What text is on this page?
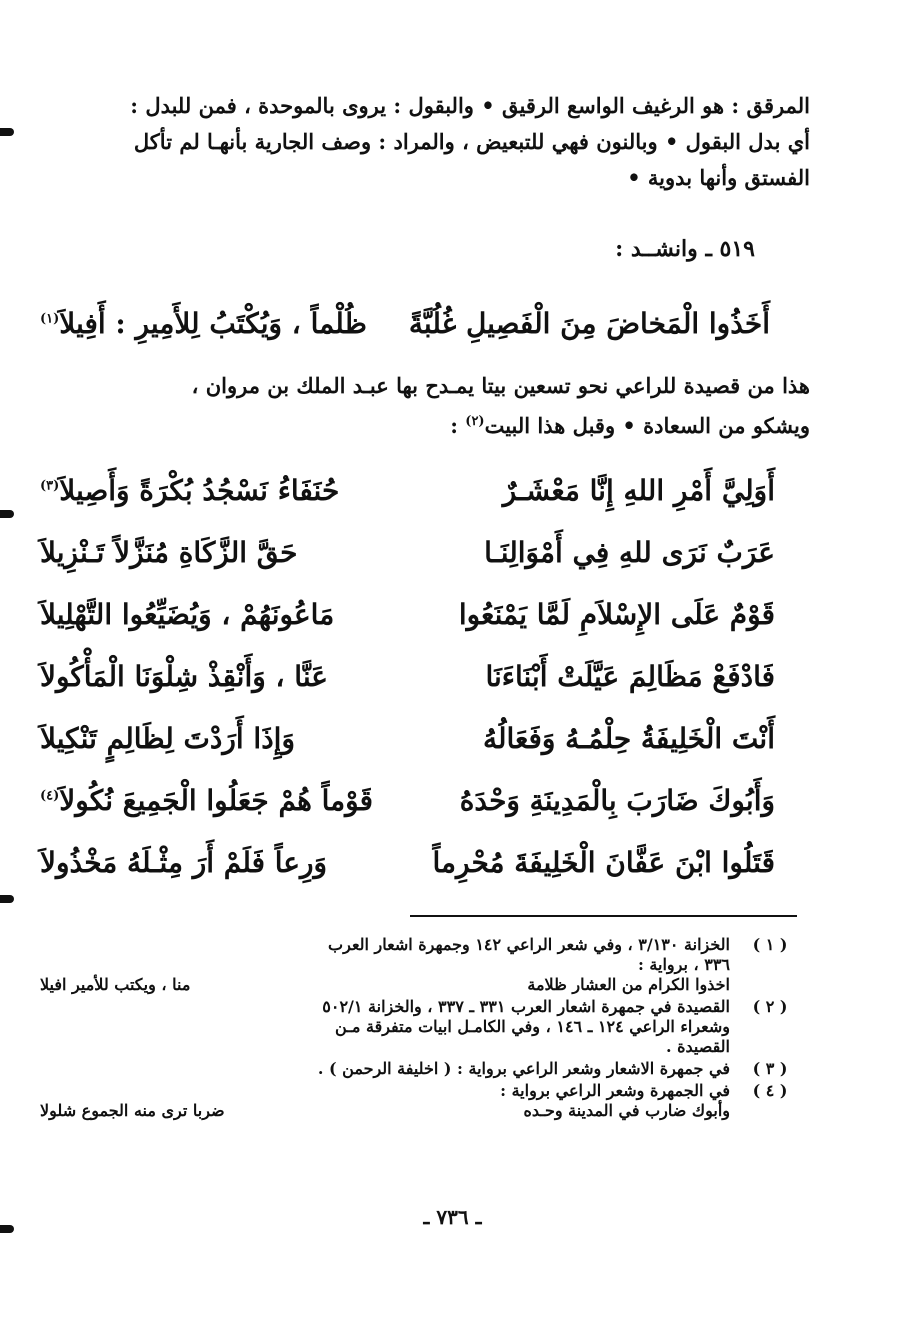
المرقق : هو الرغيف الواسع الرقيق • والبقول : يروى بالموحدة ، فمن للبدل :

أي بدل البقول • وبالنون فهي للتبعيض ، والمراد : وصف الجارية بأنهـا لم تأكل

الفستق وأنها بدوية •

٥١٩ ـ وانشــد :
أَخَذُوا الْمَخاضَ مِنَ الْفَصِيلِ غُلُبَّةً
ظُلْماً ، وَيُكْتَبُ لِلأَمِيرِ : أَفِيلاَ$^{(١)}$

هذا من قصيدة للراعي نحو تسعين بيتا يمـدح بها عبـد الملك بن مروان ،

ويشكو من السعادة • وقبل هذا البيت$^{(٢)}$ :

أَوَلِيَّ أَمْرِ اللهِ إِنَّا مَعْشَـرٌ
حُنَفَاءُ نَسْجُدُ بُكْرَةً وَأَصِيلاَ$^{(٣)}$
عَرَبٌ نَرَى للهِ فِي أَمْوَالِنَـا
حَقَّ الزَّكَاةِ مُنَزَّلاً تَـنْزِيلاَ
قَوْمٌ عَلَى الإِسْلاَمِ لَمَّا يَمْنَعُوا
مَاعُونَهُمْ ، وَيُضَيِّعُوا التَّهْلِيلاَ
فَادْفَعْ مَظَالِمَ عَيَّلَتْ أَبْنَاءَنَا
عَنَّا ، وَأَنْقِذْ شِلْوَنَا الْمَأْكُولاَ
أَنْتَ الْخَلِيفَةُ حِلْمُـهُ وَفَعَالُهُ
وَإِذَا أَرَدْتَ لِظَالِمٍ تَنْكِيلاَ
وَأَبُوكَ ضَارَبَ بِالْمَدِينَةِ وَحْدَهُ
قَوْماً هُمْ جَعَلُوا الْجَمِيعَ نُكُولاَ$^{(٤)}$
قَتَلُوا ابْنَ عَفَّانَ الْخَلِيفَةَ مُحْرِماً
وَرِعاً فَلَمْ أَرَ مِثْـلَهُ مَخْذُولاَ
( ١ )
الخزانة ٣/١٣٠ ، وفي شعر الراعي ١٤٢ وجمهرة اشعار العرب
٣٣٦ ، برواية :
اخذوا الكرام من العشار ظلامة
منا ، ويكتب للأمير افيلا
( ٢ )
القصيدة في جمهرة اشعار العرب ٣٣١ ـ ٣٣٧ ، والخزانة ٥٠٢/١
وشعراء الراعي ١٢٤ ـ ١٤٦ ، وفي الكامـل ابيات متفرقة مـن
القصيدة .
( ٣ )
في جمهرة الاشعار وشعر الراعي برواية : ( اخليفة الرحمن ) .
( ٤ )
في الجمهرة وشعر الراعي برواية :
وأبوك ضارب في المدينة وحـده
ضربا ترى منه الجموع شلولا
ـ ٧٣٦ ـ
